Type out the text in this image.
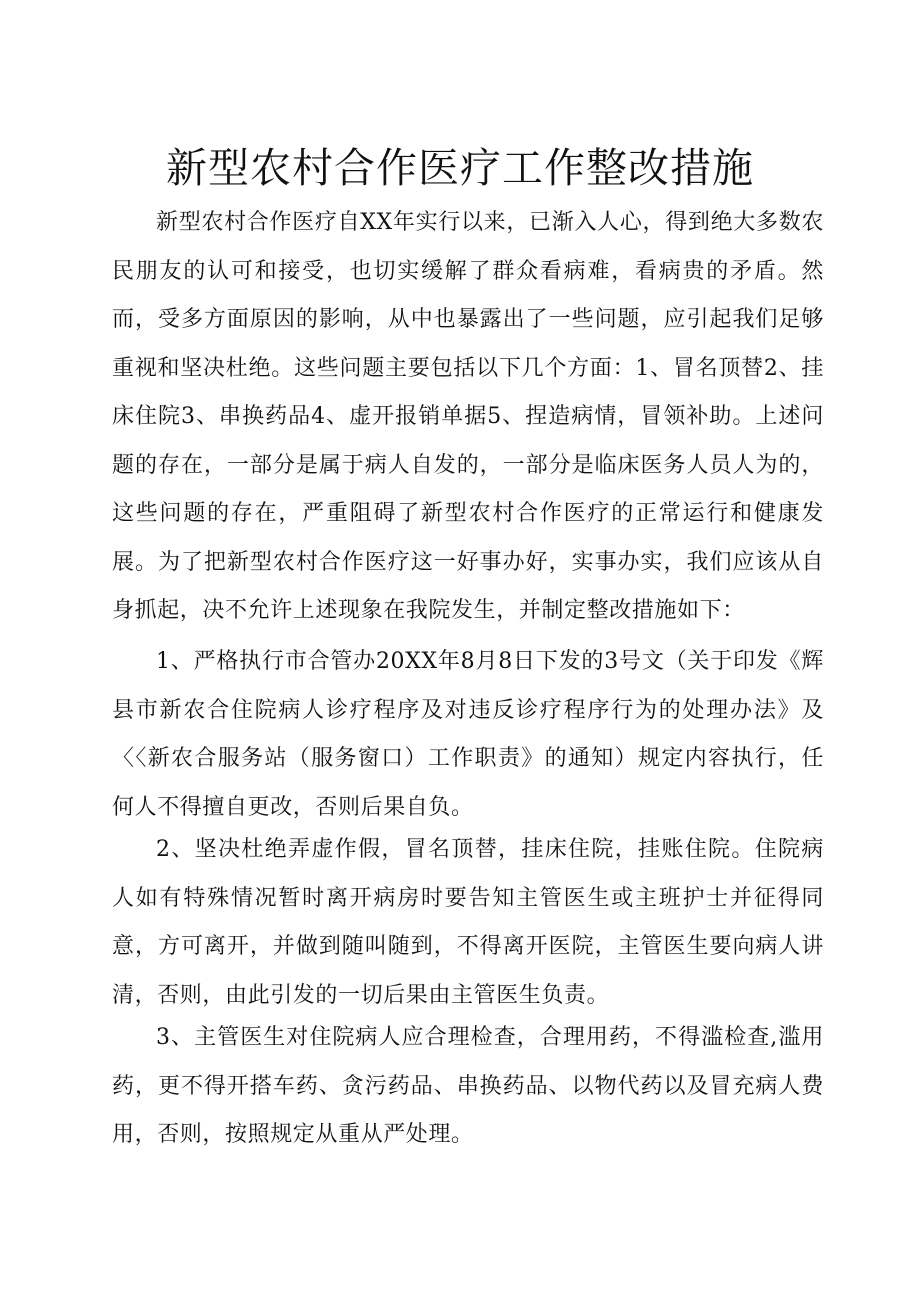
新型农村合作医疗工作整改措施

新型农村合作医疗自XX年实行以来，已渐入人心，得到绝大多数农民朋友的认可和接受，也切实缓解了群众看病难，看病贵的矛盾。然而，受多方面原因的影响，从中也暴露出了一些问题，应引起我们足够重视和坚决杜绝。这些问题主要包括以下几个方面：1、冒名顶替2、挂床住院3、串换药品4、虚开报销单据5、捏造病情，冒领补助。上述问题的存在，一部分是属于病人自发的，一部分是临床医务人员人为的，这些问题的存在，严重阻碍了新型农村合作医疗的正常运行和健康发展。为了把新型农村合作医疗这一好事办好，实事办实，我们应该从自身抓起，决不允许上述现象在我院发生，并制定整改措施如下：

1、严格执行市合管办20XX年8月8日下发的3号文（关于印发《辉县市新农合住院病人诊疗程序及对违反诊疗程序行为的处理办法》及〈〈新农合服务站（服务窗口）工作职责》的通知）规定内容执行，任何人不得擅自更改，否则后果自负。

2、坚决杜绝弄虚作假，冒名顶替，挂床住院，挂账住院。住院病人如有特殊情况暂时离开病房时要告知主管医生或主班护士并征得同意，方可离开，并做到随叫随到，不得离开医院，主管医生要向病人讲清，否则，由此引发的一切后果由主管医生负责。

3、主管医生对住院病人应合理检查，合理用药，不得滥检查,滥用药，更不得开搭车药、贪污药品、串换药品、以物代药以及冒充病人费用，否则，按照规定从重从严处理。
